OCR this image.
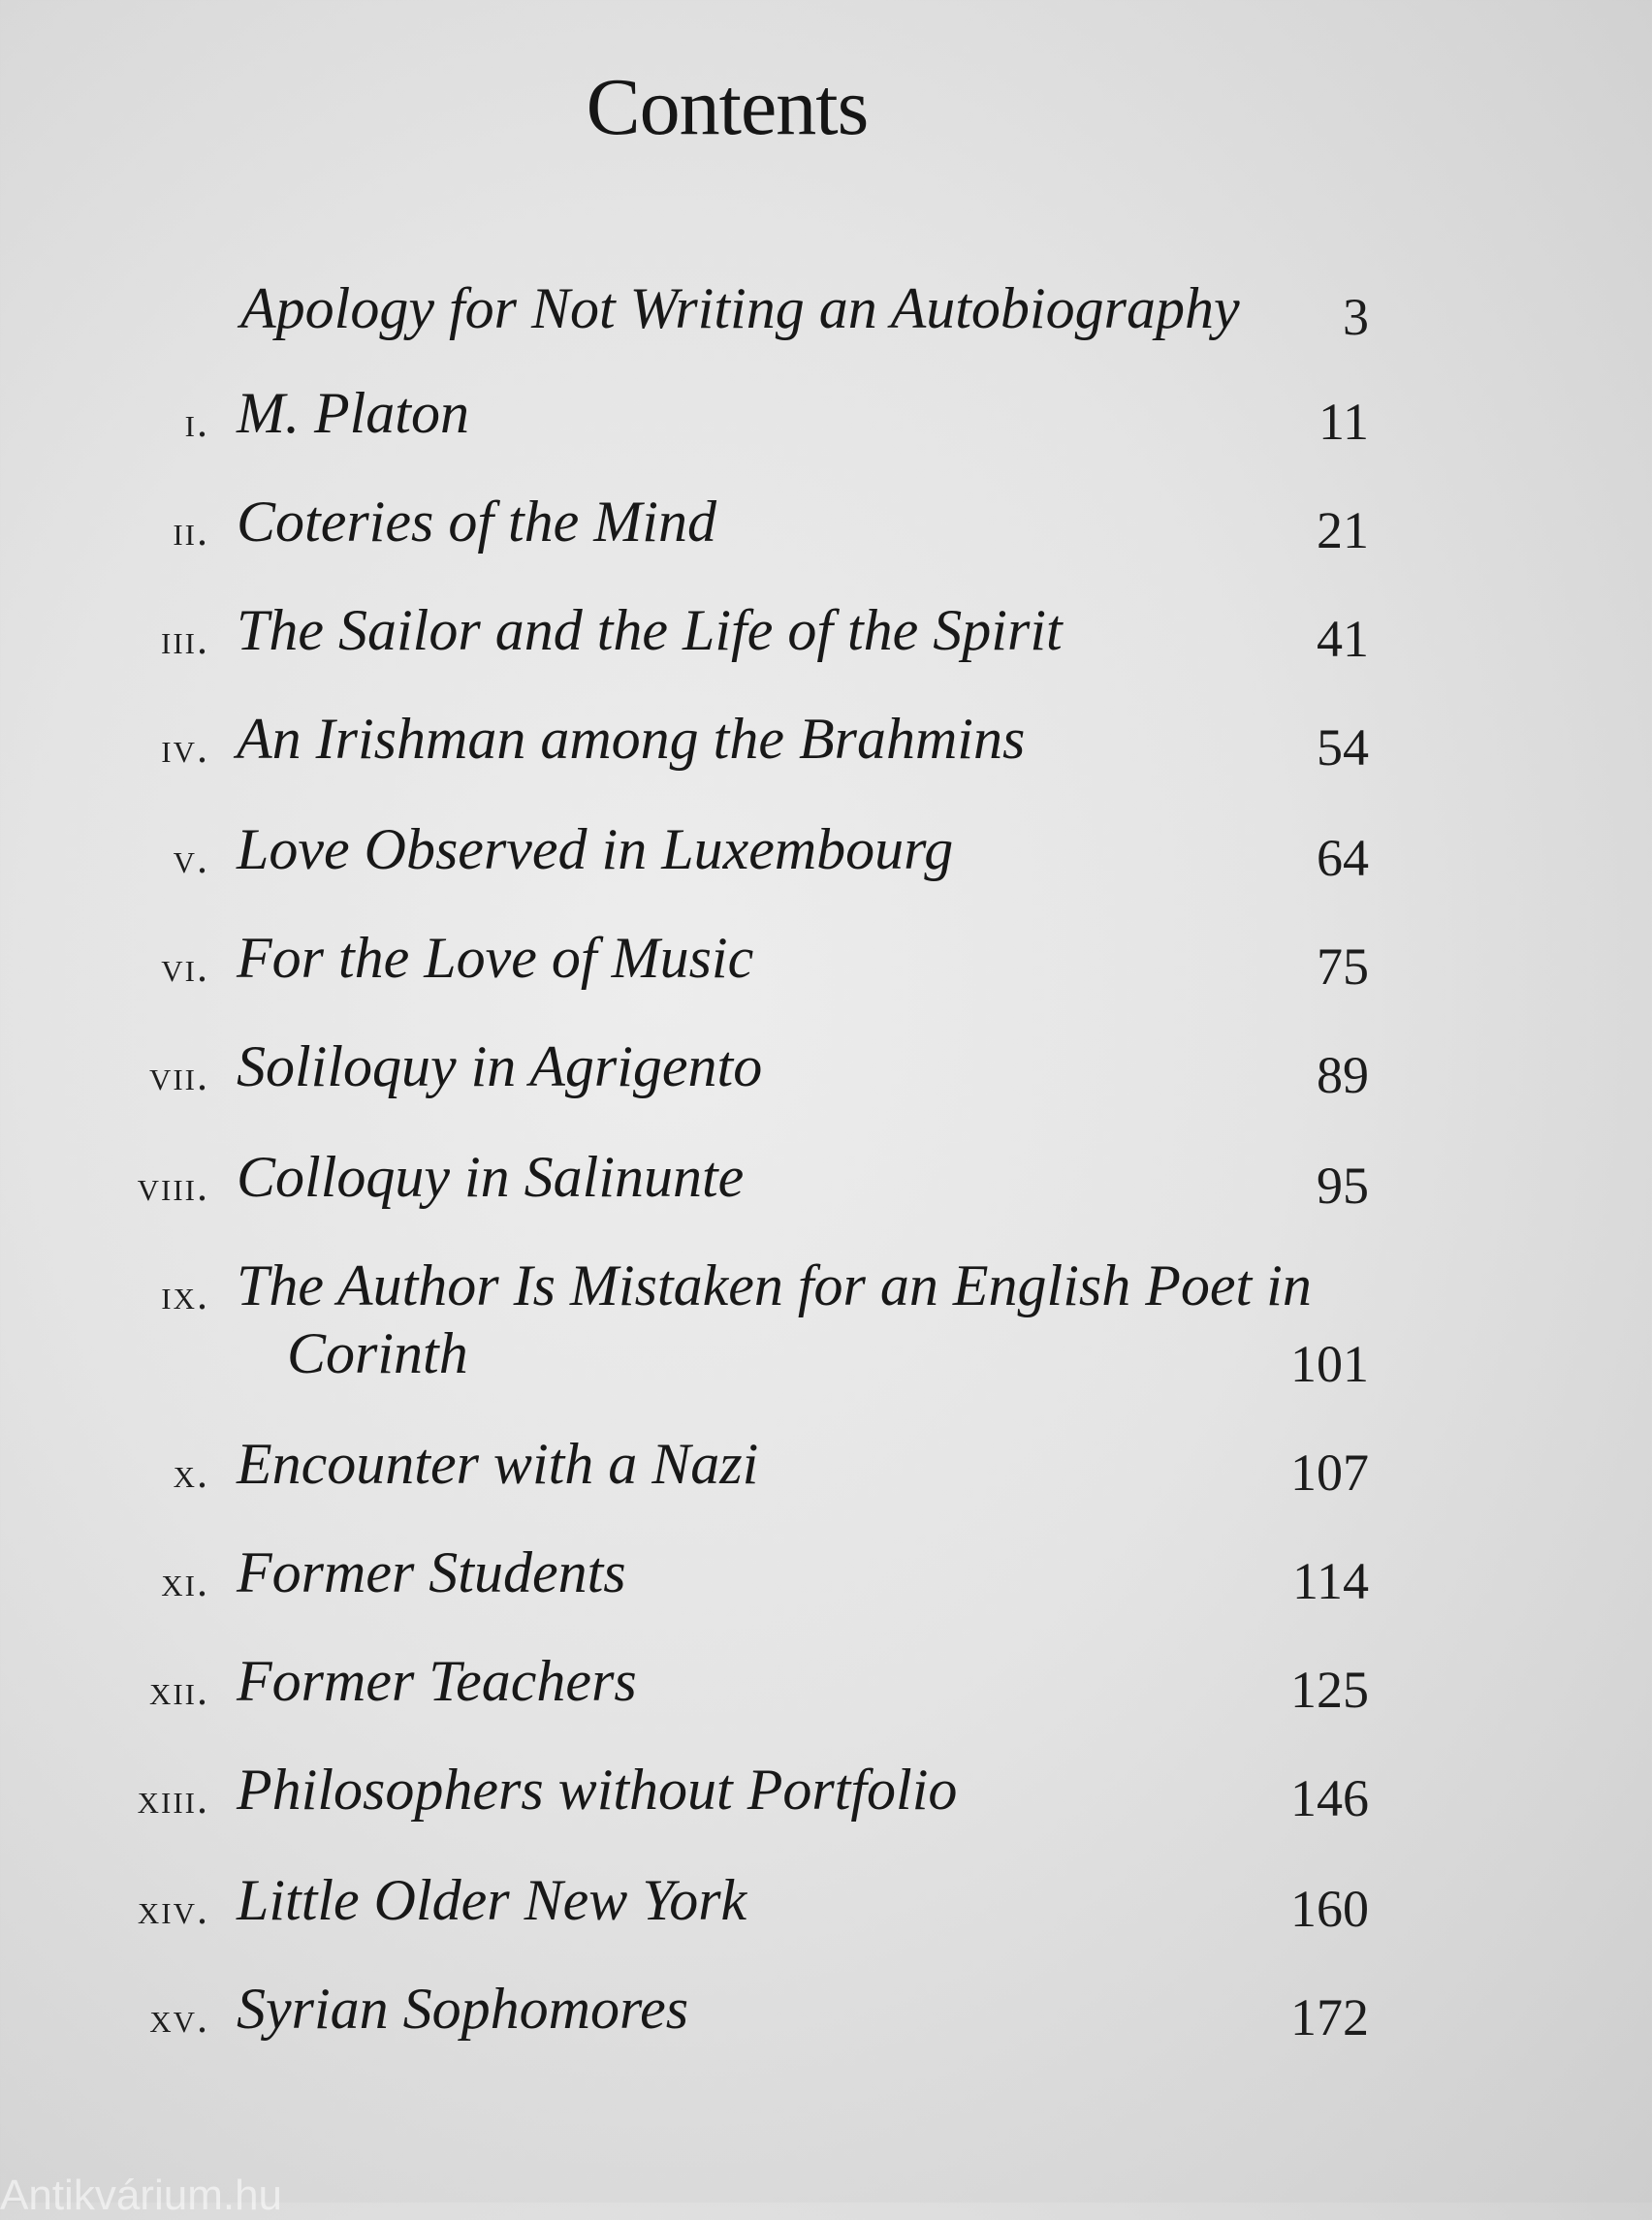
Contents
Apology for Not Writing an Autobiography 3
i. M. Platon	11
ii. Coteries of the Mind	21
iii. The Sailor and the Life of the Spirit	41
iv. An Irishman among the Brahmins	54
v. Love Observed in Luxembourg	64
vi. For the Love of Music	75
vii. Soliloquy in Agrigento	89
viii. Colloquy in Salinunte	95
ix. The Author Is Mistaken for an English Poet in
Corinth	101
x. Encounter with a Nazi	107
xi. Former Students	114
xii. Former Teachers	125
xiii. Philosophers without Portfolio	146
xiv. Little Older New York	160
xv. Syrian Sophomores	172
Antikvárium.hu
